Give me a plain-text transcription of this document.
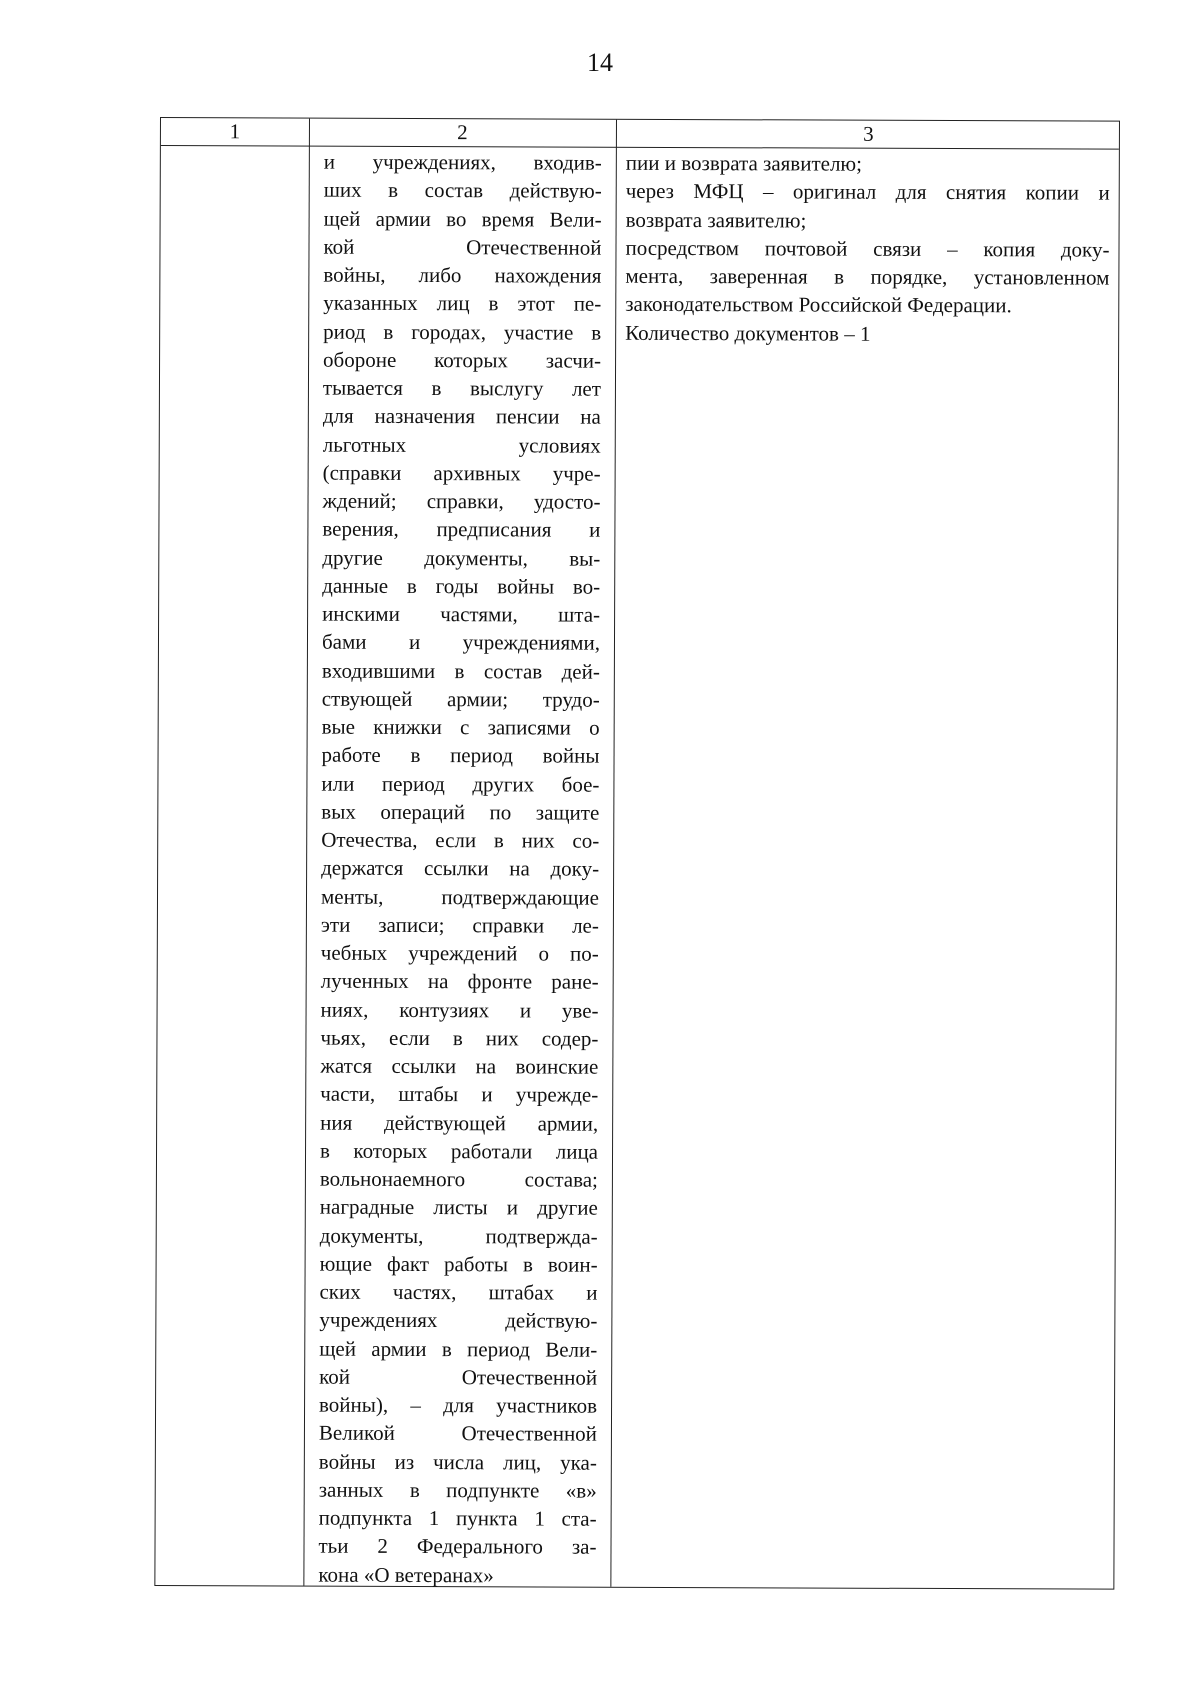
14
1	2	3
и учреждениях, входив-
ших в состав действую-
щей армии во время Вели-
кой Отечественной
войны, либо нахождения
указанных лиц в этот пе-
риод в городах, участие в
обороне которых засчи-
тывается в выслугу лет
для назначения пенсии на
льготных условиях
(справки архивных учре-
ждений; справки, удосто-
верения, предписания и
другие документы, вы-
данные в годы войны во-
инскими частями, шта-
бами и учреждениями,
входившими в состав дей-
ствующей армии; трудо-
вые книжки с записями о
работе в период войны
или период других бое-
вых операций по защите
Отечества, если в них со-
держатся ссылки на доку-
менты, подтверждающие
эти записи; справки ле-
чебных учреждений о по-
лученных на фронте ране-
ниях, контузиях и уве-
чьях, если в них содер-
жатся ссылки на воинские
части, штабы и учрежде-
ния действующей армии,
в которых работали лица
вольнонаемного состава;
наградные листы и другие
документы, подтвержда-
ющие факт работы в воин-
ских частях, штабах и
учреждениях действую-
щей армии в период Вели-
кой Отечественной
войны), – для участников
Великой Отечественной
войны из числа лиц, ука-
занных в подпункте «в»
подпункта 1 пункта 1 ста-
тьи 2 Федерального за-
кона «О ветеранах»
пии и возврата заявителю;
через МФЦ – оригинал для снятия копии и
возврата заявителю;
посредством почтовой связи – копия доку-
мента, заверенная в порядке, установленном
законодательством Российской Федерации.
Количество документов – 1
